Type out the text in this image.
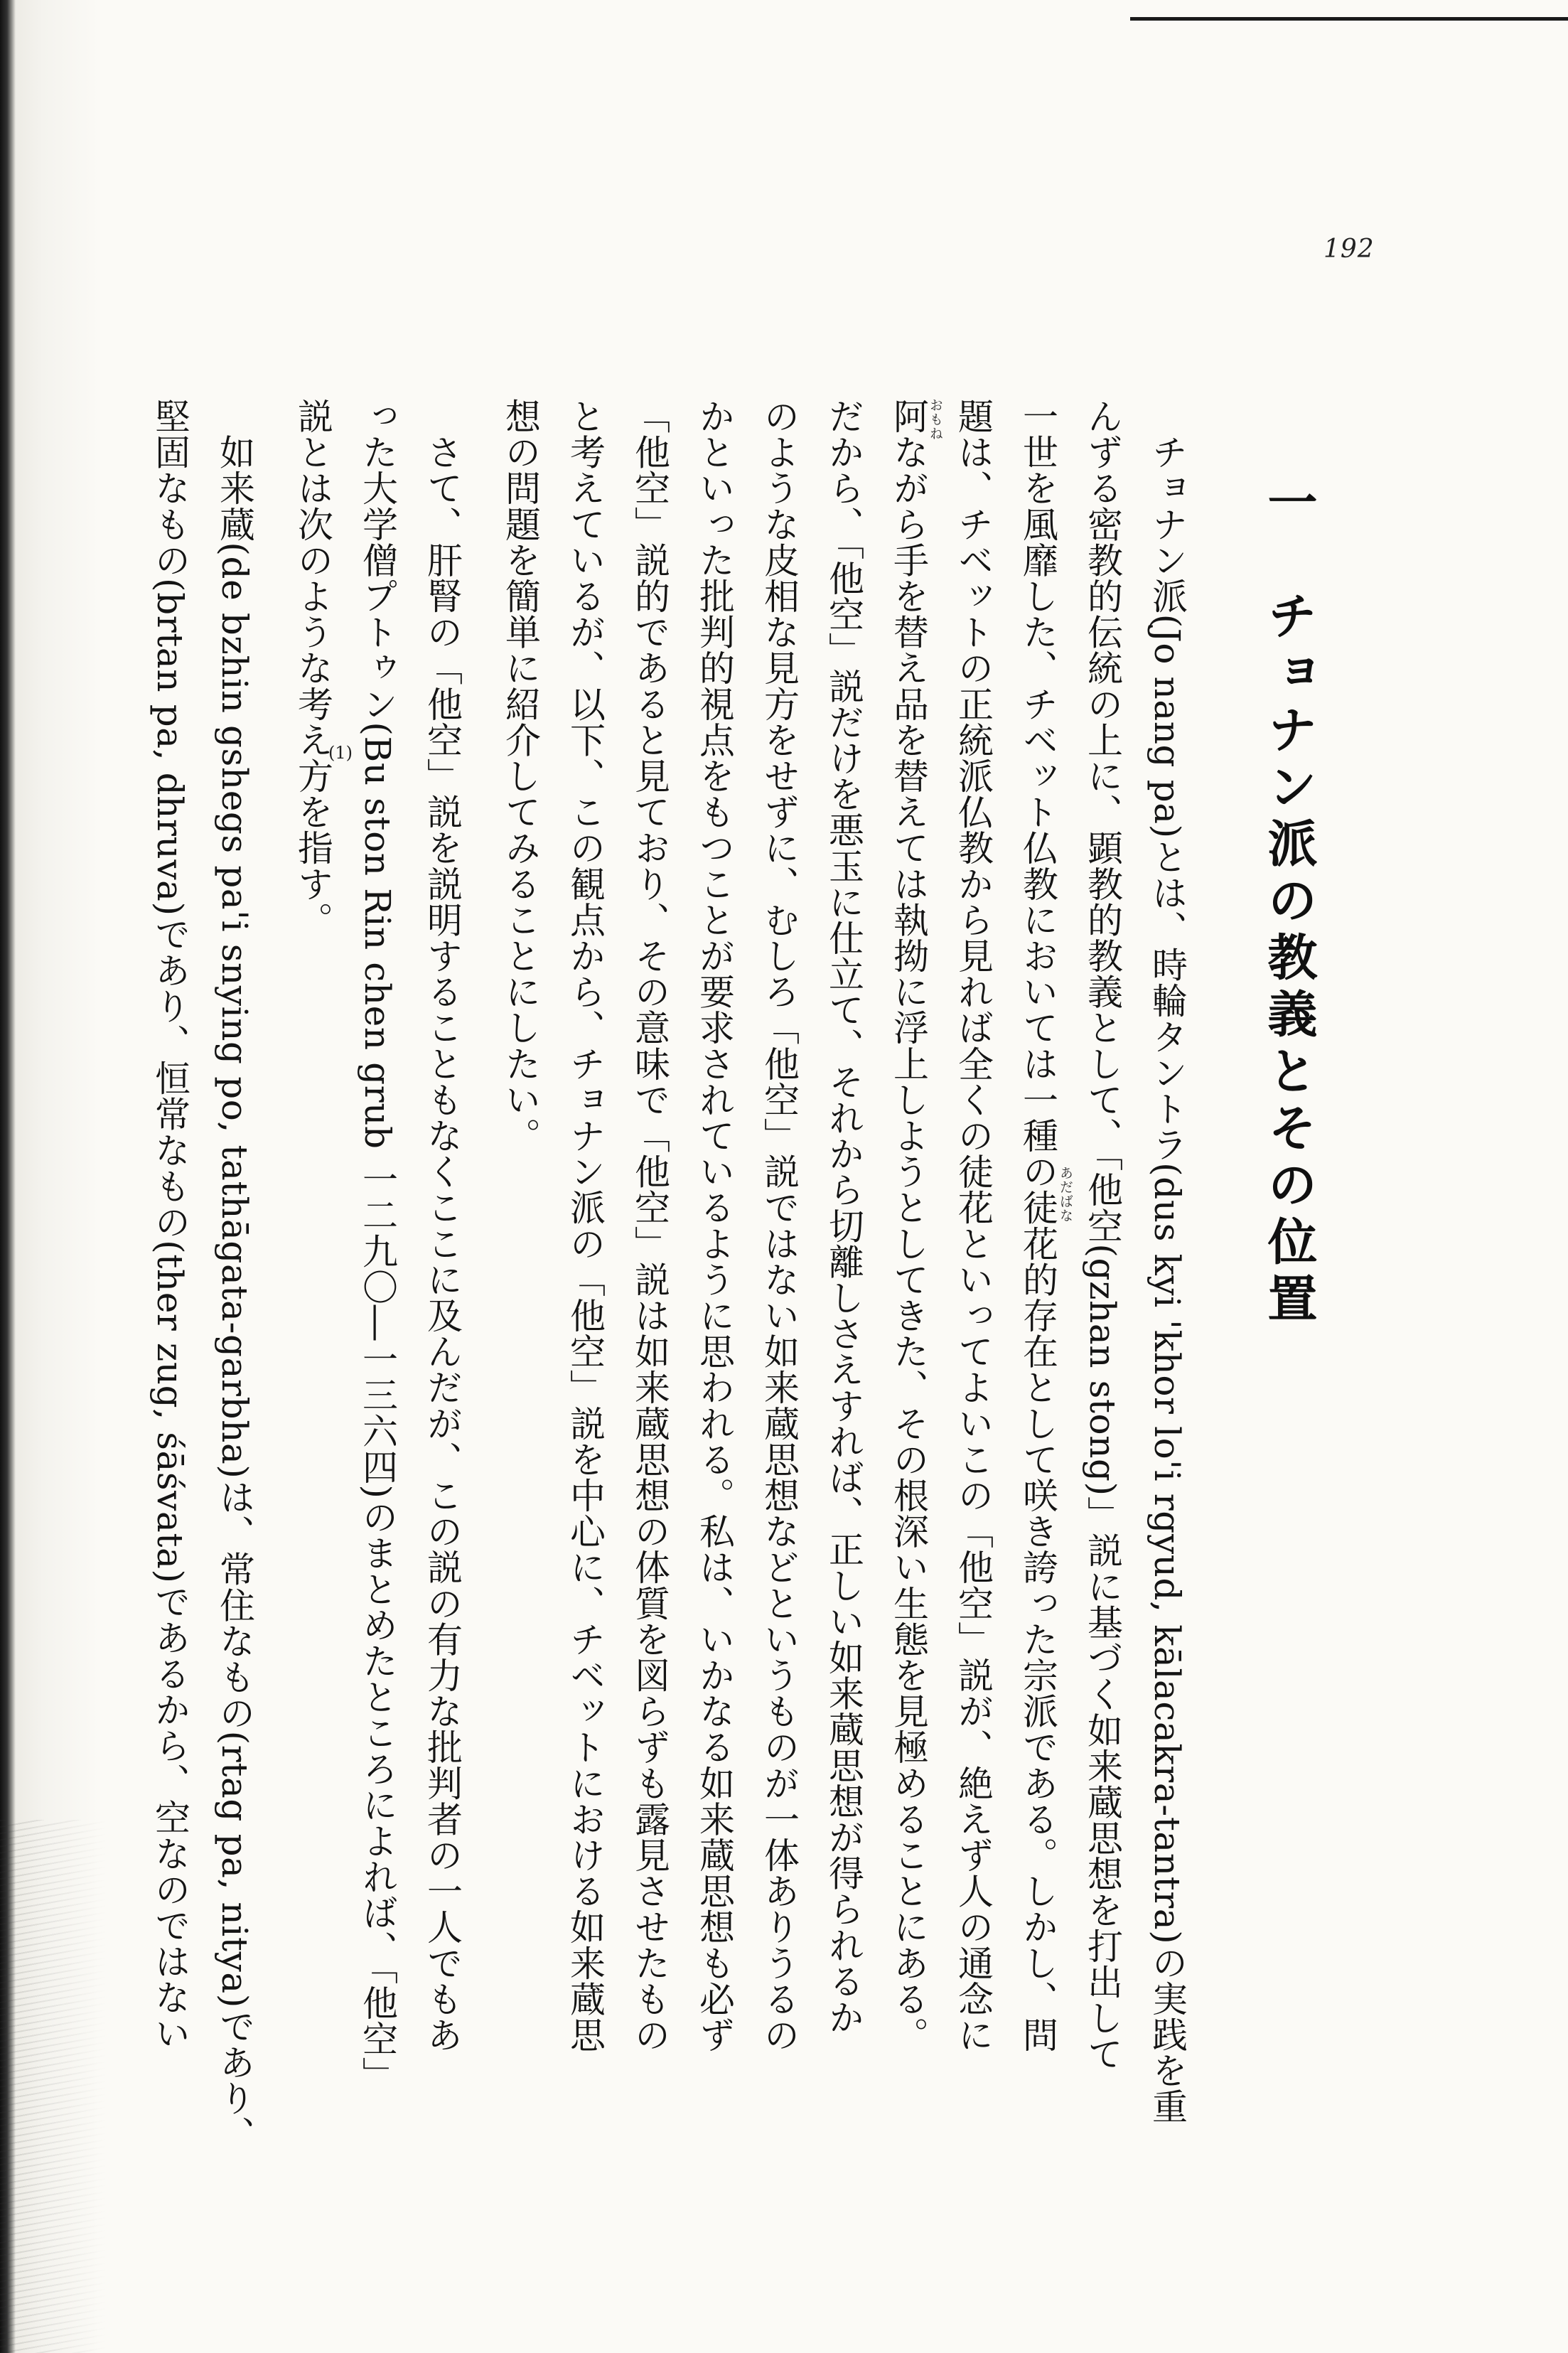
192
一　チョナン派の教義とその位置
　チョナン派(Jo nang pa)とは、時輪タントラ(dus kyi 'khor lo'i rgyud, kālacakra-tantra)の実践を重
んずる密教的伝統の上に、顕教的教義として、「他空(gzhan stong)」説に基づく如来蔵思想を打出して
一世を風靡した、チベット仏教においては一種の徒花的存在として咲き誇った宗派である。しかし、問
題は、チベットの正統派仏教から見れば全くの徒花といってよいこの「他空」説が、絶えず人の通念に
阿ながら手を替え品を替えては執拗に浮上しようとしてきた、その根深い生態を見極めることにある。
だから、「他空」説だけを悪玉に仕立て、それから切離しさえすれば、正しい如来蔵思想が得られるか
のような皮相な見方をせずに、むしろ「他空」説ではない如来蔵思想などというものが一体ありうるの
かといった批判的視点をもつことが要求されているように思われる。私は、いかなる如来蔵思想も必ず
「他空」説的であると見ており、その意味で「他空」説は如来蔵思想の体質を図らずも露見させたもの
と考えているが、以下、この観点から、チョナン派の「他空」説を中心に、チベットにおける如来蔵思
想の問題を簡単に紹介してみることにしたい。
　さて、肝腎の「他空」説を説明することもなくここに及んだが、この説の有力な批判者の一人でもあ
った大学僧プトゥン(Bu ston Rin chen grub 一二九〇―一三六四)のまとめたところによれば、「他空」
説とは次のような考え方を指す。
　如来蔵(de bzhin gshegs pa'i snying po, tathāgata-garbha)は、常住なもの(rtag pa, nitya)であり、
堅固なもの(brtan pa, dhruva)であり、恒常なもの(ther zug, śāśvata)であるから、空なのではない	あだばな
おもね
(1)
